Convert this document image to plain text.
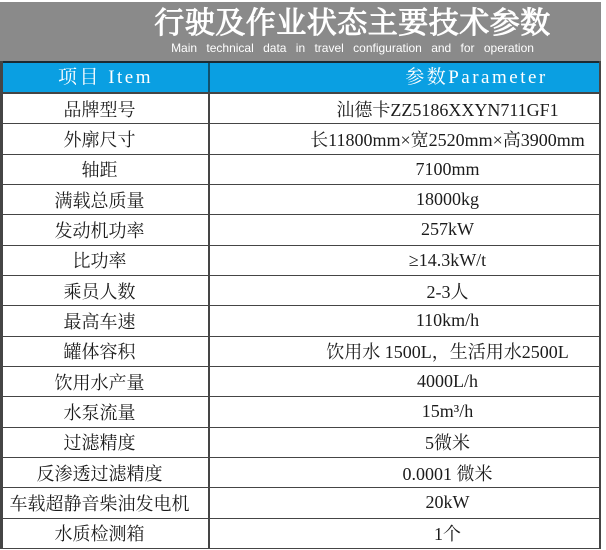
行驶及作业状态主要技术参数
Main technical data in travel configuration and for operation
项目 Item	参数Parameter
品牌型号	汕德卡ZZ5186XXYN711GF1
外廓尺寸	长11800mm×宽2520mm×高3900mm
轴距	7100mm
满载总质量	18000kg
发动机功率	257kW
比功率	≥14.3kW/t
乘员人数	2-3人
最高车速	110km/h
罐体容积	饮用水 1500L，生活用水2500L
饮用水产量	4000L/h
水泵流量	15m³/h
过滤精度	5微米
反渗透过滤精度	0.0001 微米
车载超静音柴油发电机	20kW
水质检测箱	1个
